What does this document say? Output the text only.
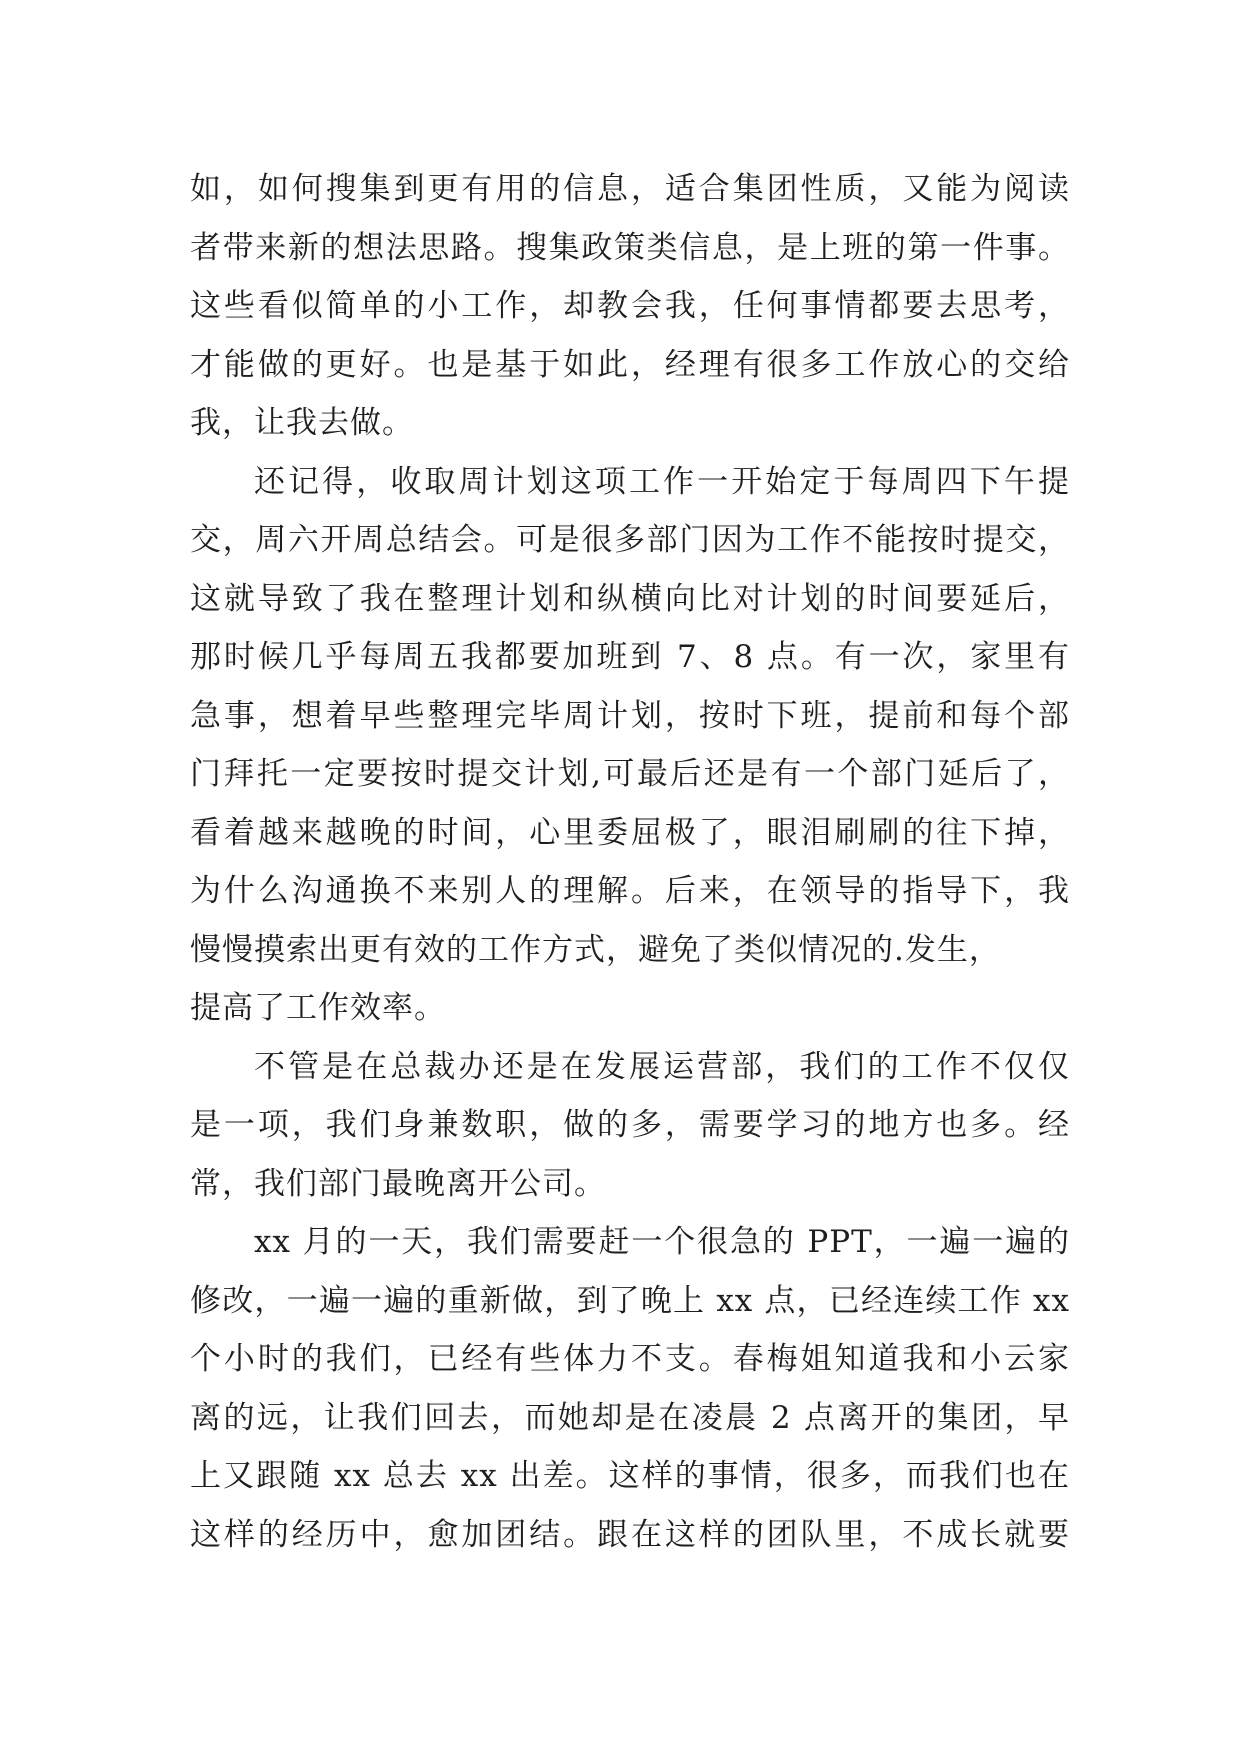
如，如何搜集到更有用的信息，适合集团性质，又能为阅读
者带来新的想法思路。搜集政策类信息，是上班的第一件事。
这些看似简单的小工作，却教会我，任何事情都要去思考，
才能做的更好。也是基于如此，经理有很多工作放心的交给
我，让我去做。
还记得，收取周计划这项工作一开始定于每周四下午提
交，周六开周总结会。可是很多部门因为工作不能按时提交，
这就导致了我在整理计划和纵横向比对计划的时间要延后，
那时候几乎每周五我都要加班到 7、8 点。有一次，家里有
急事，想着早些整理完毕周计划，按时下班，提前和每个部
门拜托一定要按时提交计划,可最后还是有一个部门延后了，
看着越来越晚的时间，心里委屈极了，眼泪刷刷的往下掉，
为什么沟通换不来别人的理解。后来，在领导的指导下，我
慢慢摸索出更有效的工作方式，避免了类似情况的.发生，
提高了工作效率。
不管是在总裁办还是在发展运营部，我们的工作不仅仅
是一项，我们身兼数职，做的多，需要学习的地方也多。经
常，我们部门最晚离开公司。
xx 月的一天，我们需要赶一个很急的 PPT，一遍一遍的
修改，一遍一遍的重新做，到了晚上 xx 点，已经连续工作 xx
个小时的我们，已经有些体力不支。春梅姐知道我和小云家
离的远，让我们回去，而她却是在凌晨 2 点离开的集团，早
上又跟随 xx 总去 xx 出差。这样的事情，很多，而我们也在
这样的经历中，愈加团结。跟在这样的团队里，不成长就要
